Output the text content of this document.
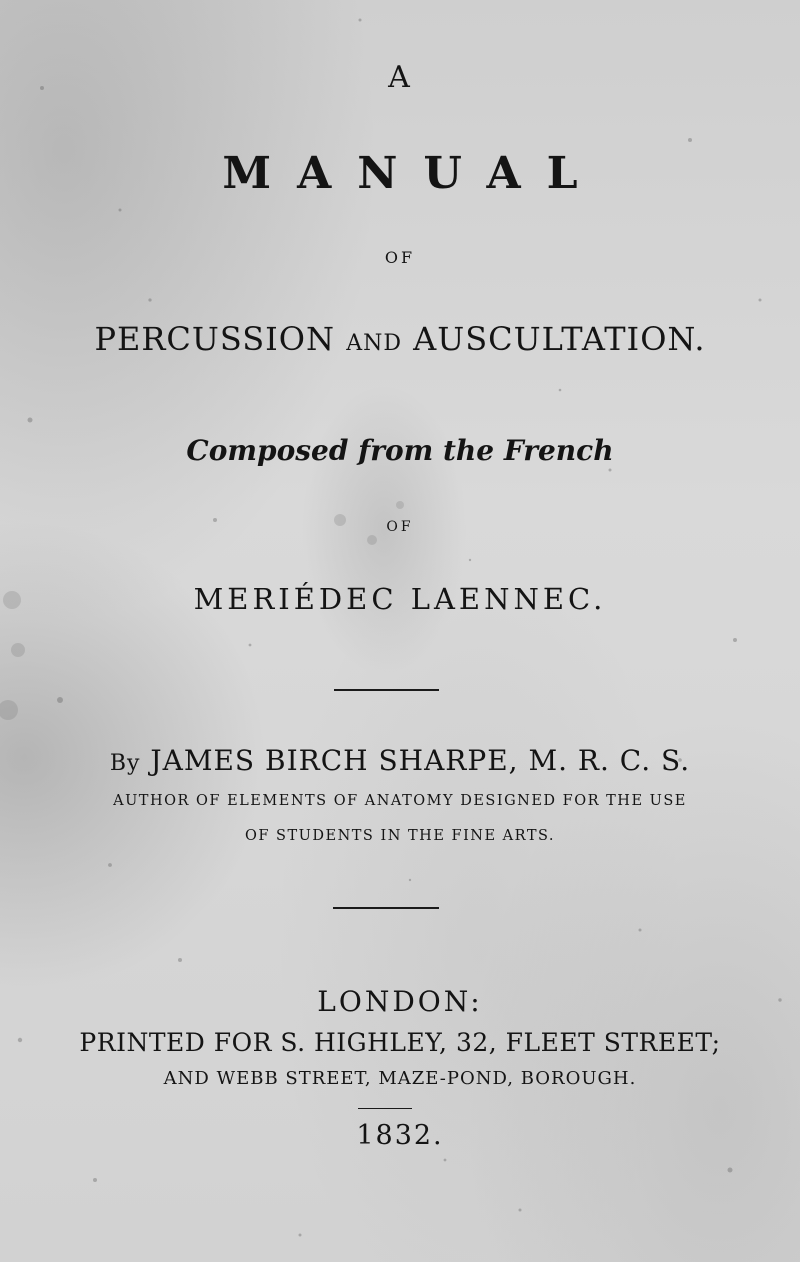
A
MANUAL
OF
PERCUSSION AND AUSCULTATION.
Composed from the French
OF
MERIÉDEC LAENNEC.
By JAMES BIRCH SHARPE, M. R. C. S.
AUTHOR OF ELEMENTS OF ANATOMY DESIGNED FOR THE USE
OF STUDENTS IN THE FINE ARTS.
LONDON:
PRINTED FOR S. HIGHLEY, 32, FLEET STREET;
AND WEBB STREET, MAZE-POND, BOROUGH.
1832.
